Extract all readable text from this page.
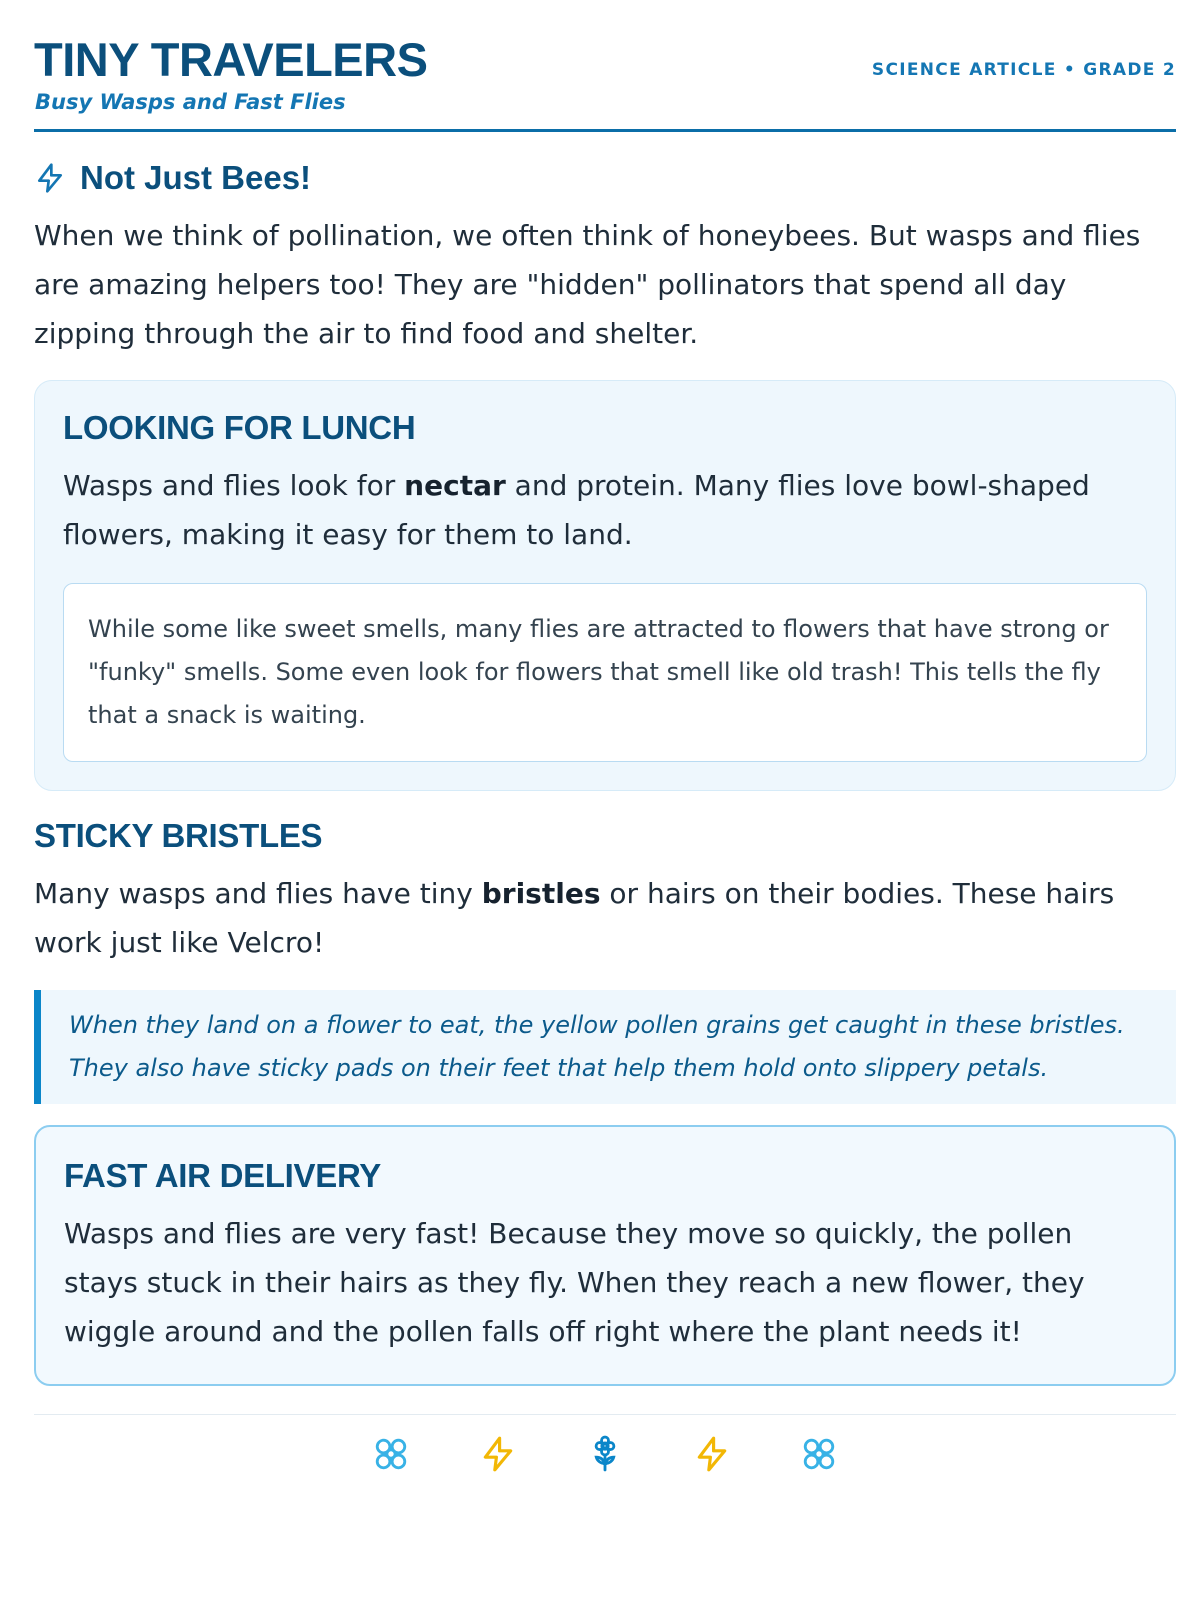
TINY TRAVELERS
Busy Wasps and Fast Flies
SCIENCE ARTICLE • GRADE 2
Not Just Bees!

When we think of pollination, we often think of honeybees. But wasps and flies are amazing helpers too! They are "hidden" pollinators that spend all day zipping through the air to find food and shelter.

LOOKING FOR LUNCH

Wasps and flies look for nectar and protein. Many flies love bowl-shaped flowers, making it easy for them to land.

While some like sweet smells, many flies are attracted to flowers that have strong or "funky" smells. Some even look for flowers that smell like old trash! This tells the fly that a snack is waiting.
STICKY BRISTLES

Many wasps and flies have tiny bristles or hairs on their bodies. These hairs work just like Velcro!

When they land on a flower to eat, the yellow pollen grains get caught in these bristles. They also have sticky pads on their feet that help them hold onto slippery petals.
FAST AIR DELIVERY

Wasps and flies are very fast! Because they move so quickly, the pollen stays stuck in their hairs as they fly. When they reach a new flower, they wiggle around and the pollen falls off right where the plant needs it!
